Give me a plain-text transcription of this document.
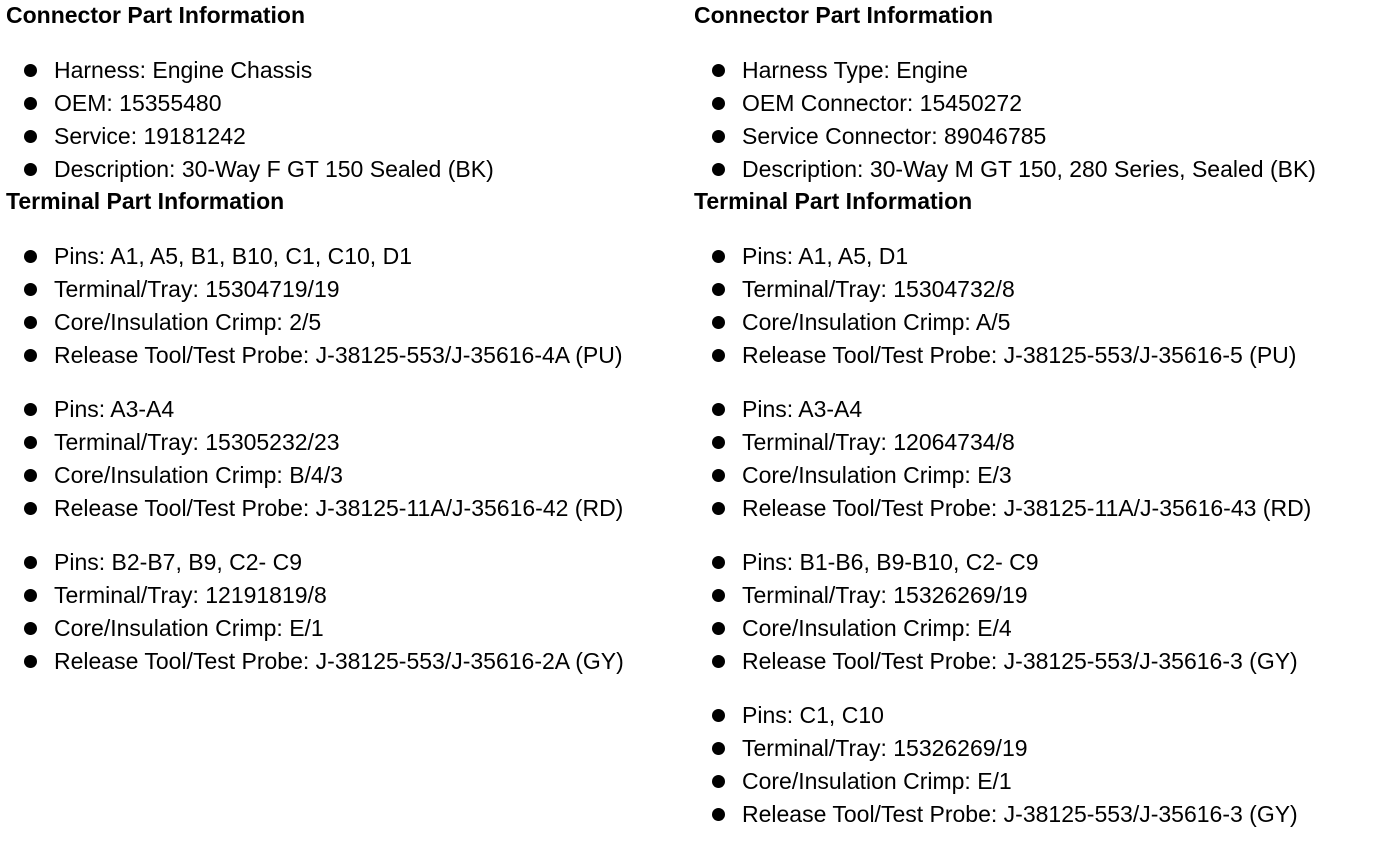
Connector Part Information
Harness: Engine Chassis
OEM: 15355480
Service: 19181242
Description: 30-Way F GT 150 Sealed (BK)
Terminal Part Information
Pins: A1, A5, B1, B10, C1, C10, D1
Terminal/Tray: 15304719/19
Core/Insulation Crimp: 2/5
Release Tool/Test Probe: J-38125-553/J-35616-4A (PU)
Pins: A3-A4
Terminal/Tray: 15305232/23
Core/Insulation Crimp: B/4/3
Release Tool/Test Probe: J-38125-11A/J-35616-42 (RD)
Pins: B2-B7, B9, C2- C9
Terminal/Tray: 12191819/8
Core/Insulation Crimp: E/1
Release Tool/Test Probe: J-38125-553/J-35616-2A (GY)
Connector Part Information
Harness Type: Engine
OEM Connector: 15450272
Service Connector: 89046785
Description: 30-Way M GT 150, 280 Series, Sealed (BK)
Terminal Part Information
Pins: A1, A5, D1
Terminal/Tray: 15304732/8
Core/Insulation Crimp: A/5
Release Tool/Test Probe: J-38125-553/J-35616-5 (PU)
Pins: A3-A4
Terminal/Tray: 12064734/8
Core/Insulation Crimp: E/3
Release Tool/Test Probe: J-38125-11A/J-35616-43 (RD)
Pins: B1-B6, B9-B10, C2- C9
Terminal/Tray: 15326269/19
Core/Insulation Crimp: E/4
Release Tool/Test Probe: J-38125-553/J-35616-3 (GY)
Pins: C1, C10
Terminal/Tray: 15326269/19
Core/Insulation Crimp: E/1
Release Tool/Test Probe: J-38125-553/J-35616-3 (GY)
